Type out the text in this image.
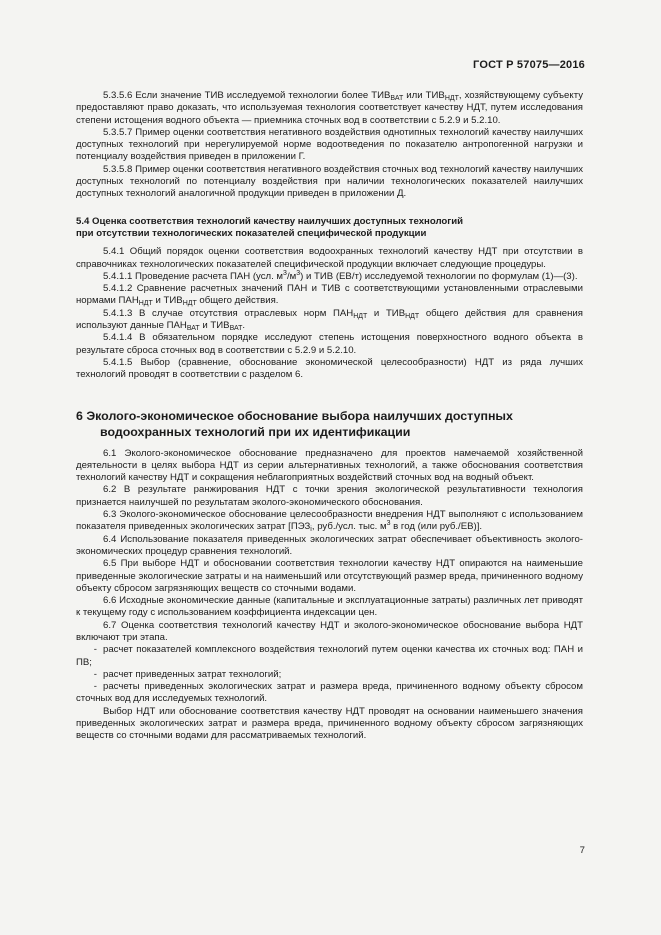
ГОСТ Р 57075—2016

5.3.5.6 Если значение ТИВ исследуемой технологии более $ТИВ_{ВАТ}$ или $ТИВ_{НДТ}$, хозяйствующему субъекту предоставляют право доказать, что используемая технология соответствует качеству НДТ, путем исследования степени истощения водного объекта — приемника сточных вод в соответствии с 5.2.9 и 5.2.10.

5.3.5.7 Пример оценки соответствия негативного воздействия однотипных технологий качеству наилучших доступных технологий при нерегулируемой норме водоотведения по показателю антропогенной нагрузки и потенциалу воздействия приведен в приложении Г.

5.3.5.8 Пример оценки соответствия негативного воздействия сточных вод технологий качеству наилучших доступных технологий по потенциалу воздействия при наличии технологических показателей наилучших доступных технологий аналогичной продукции приведен в приложении Д.

5.4 Оценка соответствия технологий качеству наилучших доступных технологий
при отсутствии технологических показателей специфической продукции

5.4.1 Общий порядок оценки соответствия водоохранных технологий качеству НДТ при отсутствии в справочниках технологических показателей специфической продукции включает следующие процедуры.

5.4.1.1 Проведение расчета ПАН (усл. $м^3/м^3$) и ТИВ (ЕВ/т) исследуемой технологии по формулам (1)—(3).

5.4.1.2 Сравнение расчетных значений ПАН и ТИВ с соответствующими установленными отраслевыми нормами $ПАН_{НДТ}$ и $ТИВ_{НДТ}$ общего действия.

5.4.1.3 В случае отсутствия отраслевых норм $ПАН_{НДТ}$ и $ТИВ_{НДТ}$ общего действия для сравнения используют данные $ПАН_{ВАТ}$ и $ТИВ_{ВАТ}$.

5.4.1.4 В обязательном порядке исследуют степень истощения поверхностного водного объекта в результате сброса сточных вод в соответствии с 5.2.9 и 5.2.10.

5.4.1.5 Выбор (сравнение, обоснование экономической целесообразности) НДТ из ряда лучших технологий проводят в соответствии с разделом 6.

6 Эколого-экономическое обоснование выбора наилучших доступных
водоохранных технологий при их идентификации

6.1 Эколого-экономическое обоснование предназначено для проектов намечаемой хозяйственной деятельности в целях выбора НДТ из серии альтернативных технологий, а также обоснования соответствия технологий качеству НДТ и сокращения неблагоприятных воздействий сточных вод на водный объект.

6.2 В результате ранжирования НДТ с точки зрения экологической результативности технология признается наилучшей по результатам эколого-экономического обоснования.

6.3 Эколого-экономическое обоснование целесообразности внедрения НДТ выполняют с использованием показателя приведенных экологических затрат [$ПЭЗ_i$, руб./усл. тыс. $м^3$ в год (или руб./ЕВ)].

6.4 Использование показателя приведенных экологических затрат обеспечивает объективность эколого-экономических процедур сравнения технологий.

6.5 При выборе НДТ и обосновании соответствия технологии качеству НДТ опираются на наименьшие приведенные экологические затраты и на наименьший или отсутствующий размер вреда, причиненного водному объекту сбросом загрязняющих веществ со сточными водами.

6.6 Исходные экономические данные (капитальные и эксплуатационные затраты) различных лет приводят к текущему году с использованием коэффициента индексации цен.

6.7 Оценка соответствия технологий качеству НДТ и эколого-экономическое обоснование выбора НДТ включают три этапа.

- расчет показателей комплексного воздействия технологий путем оценки качества их сточных вод: ПАН и ПВ;

- расчет приведенных затрат технологий;

- расчеты приведенных экологических затрат и размера вреда, причиненного водному объекту сбросом сточных вод для исследуемых технологий.

Выбор НДТ или обоснование соответствия качеству НДТ проводят на основании наименьшего значения приведенных экологических затрат и размера вреда, причиненного водному объекту сбросом загрязняющих веществ со сточными водами для рассматриваемых технологий.

7
